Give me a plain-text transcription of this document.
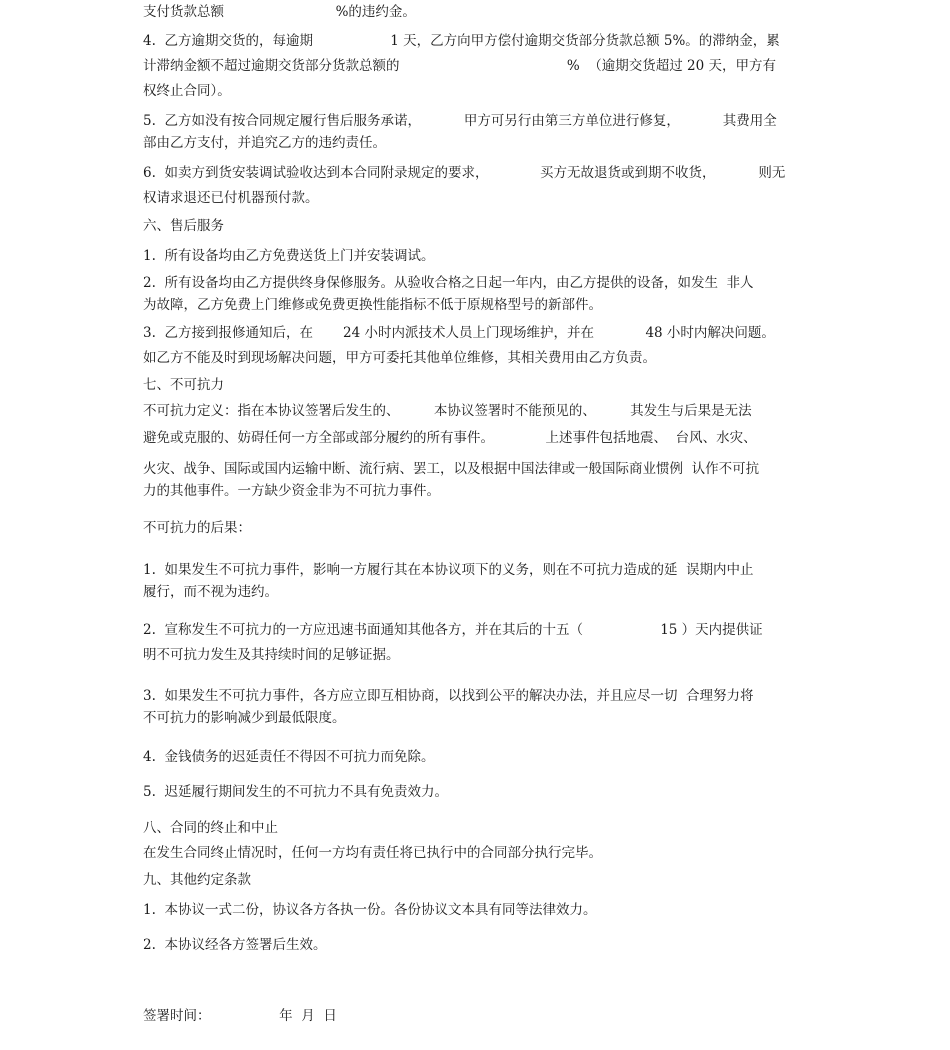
支付货款总额                          %的违约金。
4.  乙方逾期交货的，每逾期                  1 天，乙方向甲方偿付逾期交货部分货款总额 5%。的滞纳金，累
计滞纳金额不超过逾期交货部分货款总额的                                       %  （逾期交货超过 20 天，甲方有
权终止合同）。
5.  乙方如没有按合同规定履行售后服务承诺，          甲方可另行由第三方单位进行修复，          其费用全
部由乙方支付，并追究乙方的违约责任。
6.  如卖方到货安装调试验收达到本合同附录规定的要求，            买方无故退货或到期不收货，          则无
权请求退还已付机器预付款。
六、售后服务
1.  所有设备均由乙方免费送货上门并安装调试。
2.  所有设备均由乙方提供终身保修服务。从验收合格之日起一年内，由乙方提供的设备，如发生  非人
为故障，乙方免费上门维修或免费更换性能指标不低于原规格型号的新部件。
3.  乙方接到报修通知后，在       24 小时内派技术人员上门现场维护，并在            48 小时内解决问题。
如乙方不能及时到现场解决问题，甲方可委托其他单位维修，其相关费用由乙方负责。
七、不可抗力
不可抗力定义：指在本协议签署后发生的、        本协议签署时不能预见的、        其发生与后果是无法
避免或克服的、妨碍任何一方全部或部分履约的所有事件。            上述事件包括地震、  台风、水灾、
火灾、战争、国际或国内运输中断、流行病、罢工，以及根据中国法律或一般国际商业惯例  认作不可抗
力的其他事件。一方缺少资金非为不可抗力事件。
不可抗力的后果：
1.  如果发生不可抗力事件，影响一方履行其在本协议项下的义务，则在不可抗力造成的延  误期内中止
履行，而不视为违约。
2.  宣称发生不可抗力的一方应迅速书面通知其他各方，并在其后的十五（                  15 ）天内提供证
明不可抗力发生及其持续时间的足够证据。
3.  如果发生不可抗力事件，各方应立即互相协商，以找到公平的解决办法，并且应尽一切  合理努力将
不可抗力的影响减少到最低限度。
4.  金钱债务的迟延责任不得因不可抗力而免除。
5.  迟延履行期间发生的不可抗力不具有免责效力。
八、合同的终止和中止
在发生合同终止情况时，任何一方均有责任将已执行中的合同部分执行完毕。
九、其他约定条款
1.  本协议一式二份，协议各方各执一份。各份协议文本具有同等法律效力。
2.  本协议经各方签署后生效。
签署时间：                年  月  日
